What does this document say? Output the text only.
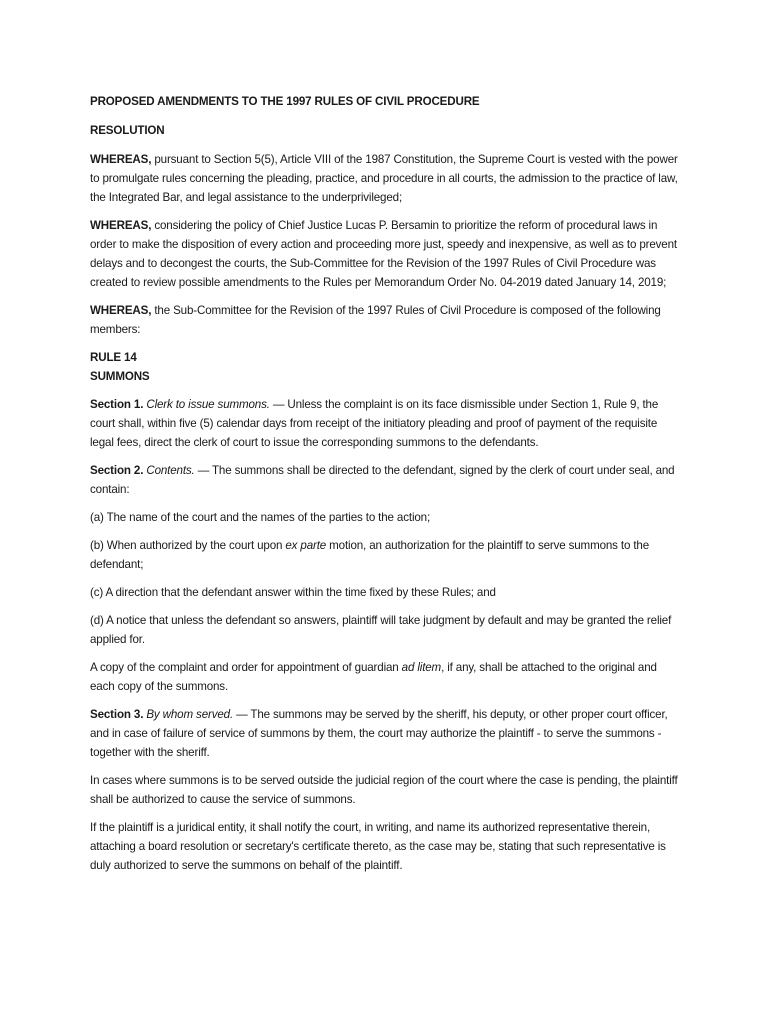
PROPOSED AMENDMENTS TO THE 1997 RULES OF CIVIL PROCEDURE

RESOLUTION

WHEREAS, pursuant to Section 5(5), Article VIII of the 1987 Constitution, the Supreme Court is vested with the power to promulgate rules concerning the pleading, practice, and procedure in all courts, the admission to the practice of law, the Integrated Bar, and legal assistance to the underprivileged;

WHEREAS, considering the policy of Chief Justice Lucas P. Bersamin to prioritize the reform of procedural laws in order to make the disposition of every action and proceeding more just, speedy and inexpensive, as well as to prevent delays and to decongest the courts, the Sub-Committee for the Revision of the 1997 Rules of Civil Procedure was created to review possible amendments to the Rules per Memorandum Order No. 04-2019 dated January 14, 2019;

WHEREAS, the Sub-Committee for the Revision of the 1997 Rules of Civil Procedure is composed of the following members:

RULE 14

SUMMONS

Section 1. Clerk to issue summons. — Unless the complaint is on its face dismissible under Section 1, Rule 9, the court shall, within five (5) calendar days from receipt of the initiatory pleading and proof of payment of the requisite legal fees, direct the clerk of court to issue the corresponding summons to the defendants.

Section 2. Contents. — The summons shall be directed to the defendant, signed by the clerk of court under seal, and contain:

(a) The name of the court and the names of the parties to the action;

(b) When authorized by the court upon ex parte motion, an authorization for the plaintiff to serve summons to the defendant;

(c) A direction that the defendant answer within the time fixed by these Rules; and

(d) A notice that unless the defendant so answers, plaintiff will take judgment by default and may be granted the relief applied for.

A copy of the complaint and order for appointment of guardian ad litem, if any, shall be attached to the original and each copy of the summons.

Section 3. By whom served. — The summons may be served by the sheriff, his deputy, or other proper court officer, and in case of failure of service of summons by them, the court may authorize the plaintiff - to serve the summons - together with the sheriff.

In cases where summons is to be served outside the judicial region of the court where the case is pending, the plaintiff shall be authorized to cause the service of summons.

If the plaintiff is a juridical entity, it shall notify the court, in writing, and name its authorized representative therein, attaching a board resolution or secretary's certificate thereto, as the case may be, stating that such representative is duly authorized to serve the summons on behalf of the plaintiff.
